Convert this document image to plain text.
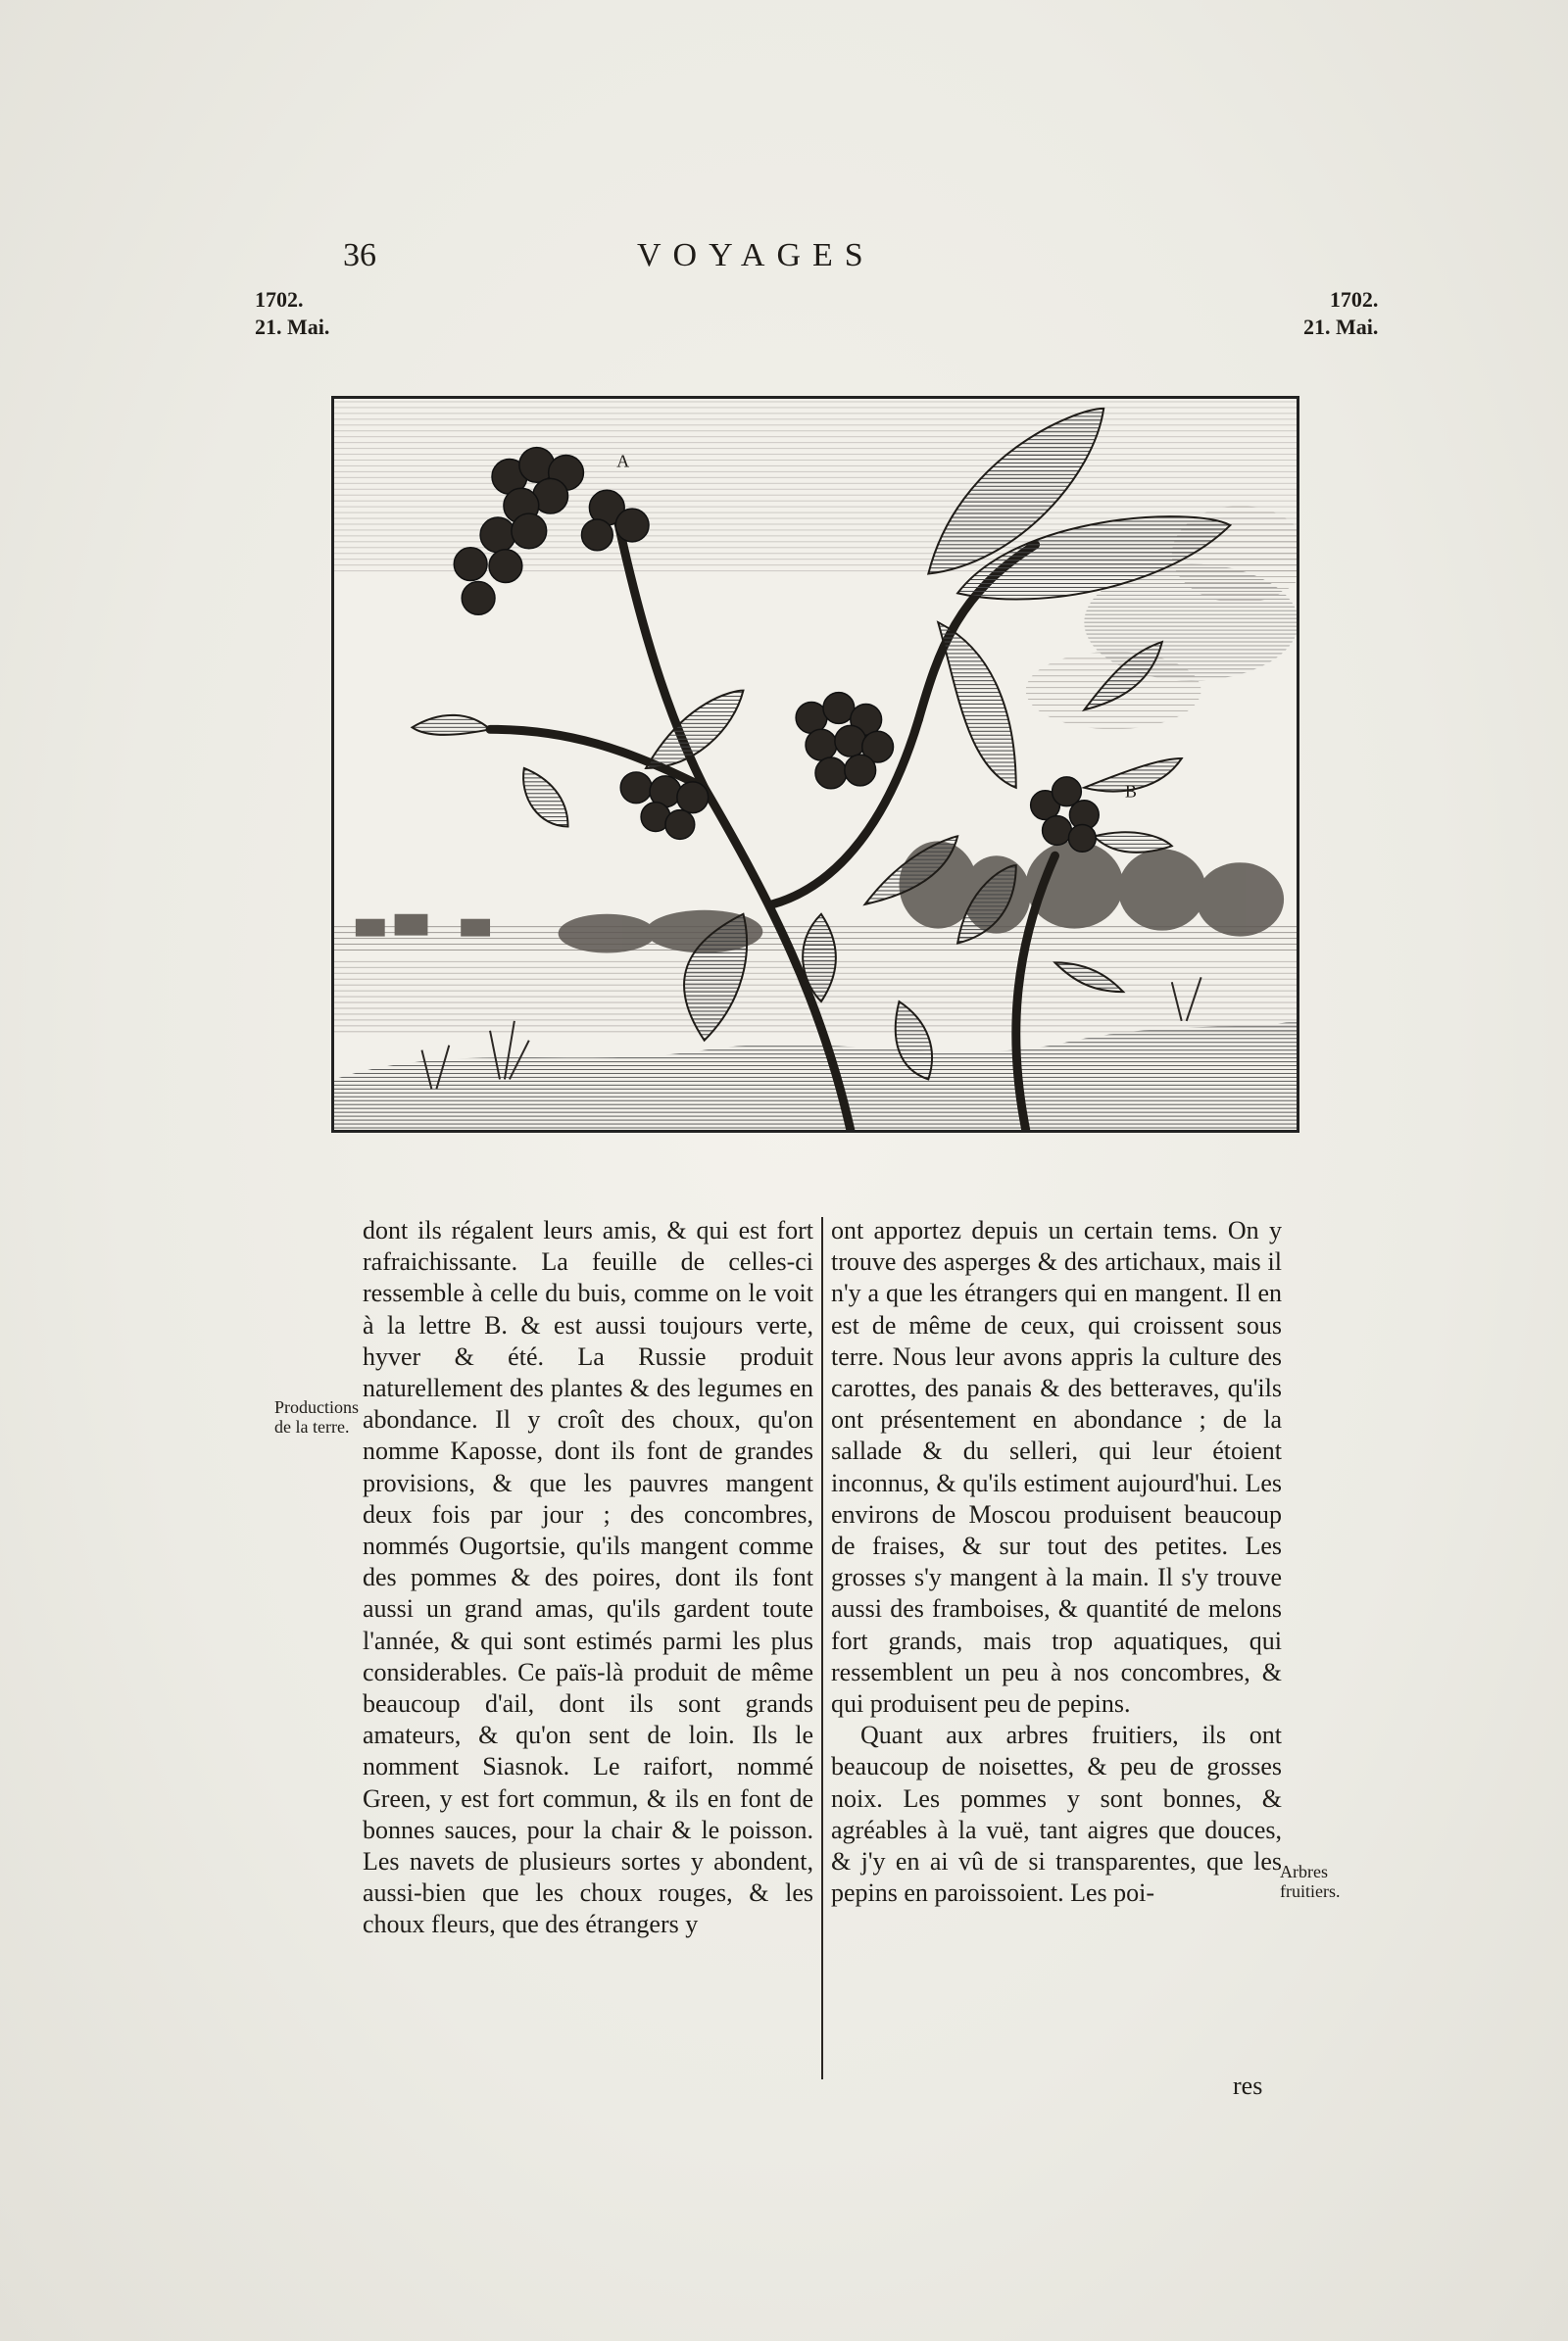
36	VOYAGES
1702.
21. Mai.
1702.
21. Mai.
A
B
Productions de la terre.
Arbres fruitiers.

dont ils régalent leurs amis, & qui est fort rafraichissante. La feuille de celles-ci ressemble à celle du buis, comme on le voit à la lettre B. & est aussi toujours verte, hyver & été. La Russie produit naturellement des plantes & des legumes en abondance. Il y croît des choux, qu'on nomme Kaposse, dont ils font de grandes provisions, & que les pauvres mangent deux fois par jour ; des concombres, nommés Ougortsie, qu'ils mangent comme des pommes & des poires, dont ils font aussi un grand amas, qu'ils gardent toute l'année, & qui sont estimés parmi les plus considerables. Ce païs-là produit de même beaucoup d'ail, dont ils sont grands amateurs, & qu'on sent de loin. Ils le nomment Siasnok. Le raifort, nommé Green, y est fort commun, & ils en font de bonnes sauces, pour la chair & le poisson. Les navets de plusieurs sortes y abondent, aussi-bien que les choux rouges, & les choux fleurs, que des étrangers y

ont apportez depuis un certain tems. On y trouve des asperges & des artichaux, mais il n'y a que les étrangers qui en mangent. Il en est de même de ceux, qui croissent sous terre. Nous leur avons appris la culture des carottes, des panais & des betteraves, qu'ils ont présentement en abondance ; de la sallade & du selleri, qui leur étoient inconnus, & qu'ils estiment aujourd'hui. Les environs de Moscou produisent beaucoup de fraises, & sur tout des petites. Les grosses s'y mangent à la main. Il s'y trouve aussi des framboises, & quantité de melons fort grands, mais trop aquatiques, qui ressemblent un peu à nos concombres, & qui produisent peu de pepins.

Quant aux arbres fruitiers, ils ont beaucoup de noisettes, & peu de grosses noix. Les pommes y sont bonnes, & agréables à la vuë, tant aigres que douces, & j'y en ai vû de si transparentes, que les pepins en paroissoient. Les poi-

res
